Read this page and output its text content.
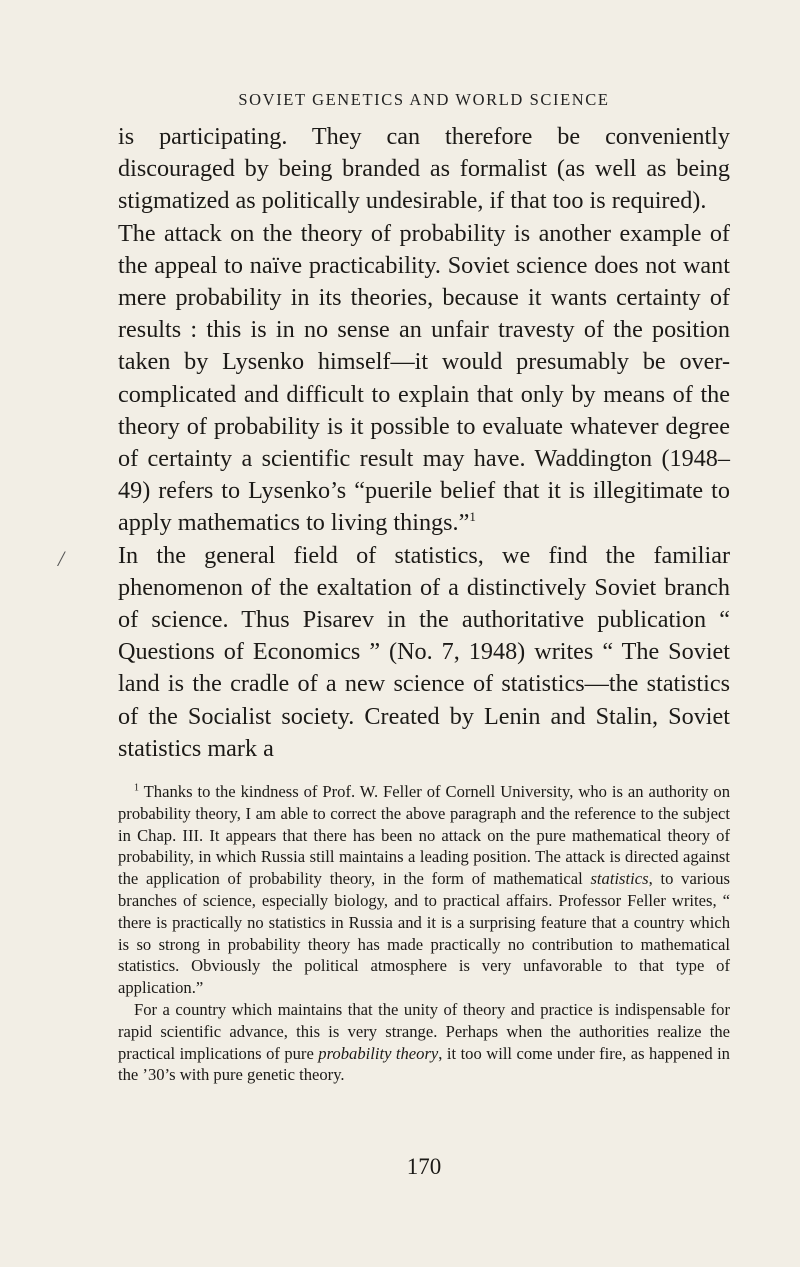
/
SOVIET GENETICS AND WORLD SCIENCE

is participating. They can therefore be conveniently discouraged by being branded as formalist (as well as being stigmatized as politically undesirable, if that too is required).

The attack on the theory of probability is another example of the appeal to naïve practicability. Soviet science does not want mere probability in its theories, because it wants certainty of results : this is in no sense an unfair travesty of the position taken by Lysenko himself—it would presumably be over-complicated and difficult to explain that only by means of the theory of probability is it possible to evaluate whatever degree of certainty a scientific result may have. Waddington (1948–49) refers to Lysenko’s “puerile belief that it is illegitimate to apply mathematics to living things.”$^1$

In the general field of statistics, we find the familiar phenomenon of the exaltation of a distinctively Soviet branch of science. Thus Pisarev in the authoritative publication “ Questions of Economics ” (No. 7, 1948) writes “ The Soviet land is the cradle of a new science of statistics—the statistics of the Socialist society. Created by Lenin and Stalin, Soviet statistics mark a

$^1$ Thanks to the kindness of Prof. W. Feller of Cornell University, who is an authority on probability theory, I am able to correct the above paragraph and the reference to the subject in Chap. III. It appears that there has been no attack on the pure mathematical theory of probability, in which Russia still maintains a leading position. The attack is directed against the application of probability theory, in the form of mathematical statistics, to various branches of science, especially biology, and to practical affairs. Professor Feller writes, “ there is practically no statistics in Russia and it is a surprising feature that a country which is so strong in probability theory has made practically no contribution to mathematical statistics. Obviously the political atmosphere is very unfavorable to that type of application.”

For a country which maintains that the unity of theory and practice is indispensable for rapid scientific advance, this is very strange. Perhaps when the authorities realize the practical implications of pure probability theory, it too will come under fire, as happened in the ’30’s with pure genetic theory.

170
